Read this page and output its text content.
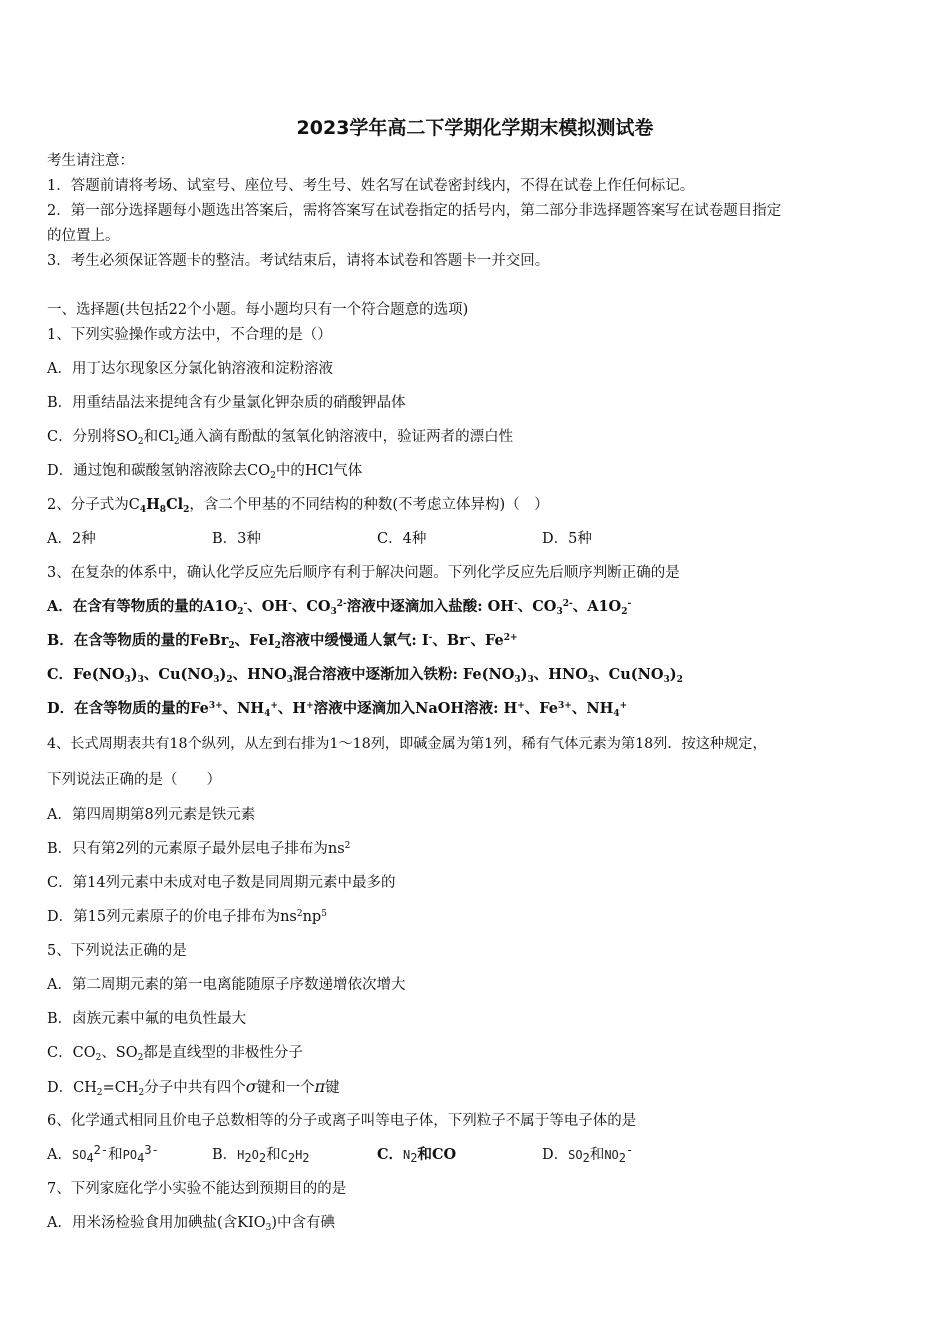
2023学年高二下学期化学期末模拟测试卷
考生请注意：
1．答题前请将考场、试室号、座位号、考生号、姓名写在试卷密封线内，不得在试卷上作任何标记。
2．第一部分选择题每小题选出答案后，需将答案写在试卷指定的括号内，第二部分非选择题答案写在试卷题目指定
的位置上。
3．考生必须保证答题卡的整洁。考试结束后，请将本试卷和答题卡一并交回。
一、选择题(共包括22个小题。每小题均只有一个符合题意的选项)
1、下列实验操作或方法中，不合理的是（）
A．用丁达尔现象区分氯化钠溶液和淀粉溶液
B．用重结晶法来提纯含有少量氯化钾杂质的硝酸钾晶体
C．分别将$SO_2$和$Cl_2$通入滴有酚酞的氢氧化钠溶液中，验证两者的漂白性
D．通过饱和碳酸氢钠溶液除去$CO_2$中的HCl气体
2、分子式为$C_4H_8Cl_2$，含二个甲基的不同结构的种数(不考虑立体异构)（　）
A．2种	B．3种	C．4种	D．5种
3、在复杂的体系中，确认化学反应先后顺序有利于解决问题。下列化学反应先后顺序判断正确的是
A．在含有等物质的量的$A1O_2^-$、OH-、$CO_3^{2-}$溶液中逐滴加入盐酸: OH-、$CO_3^{2-}$、$A1O_2^-$
B．在含等物质的量的FeBr$_2$、FeI$_2$溶液中缓慢通人氯气: I-、Br-、$Fe^{2+}$
C．$Fe(NO_3)_3$、$Cu(NO_3)_2$、$HNO_3$混合溶液中逐渐加入铁粉: $Fe(NO_3)_3$、$HNO_3$、$Cu(NO_3)_2$
D．在含等物质的量的$Fe^{3+}$、$NH_4^+$、H+溶液中逐滴加入NaOH溶液: H+、$Fe^{3+}$、$NH_4^+$
4、长式周期表共有18个纵列，从左到右排为1～18列，即碱金属为第1列，稀有气体元素为第18列．按这种规定，
下列说法正确的是（　　）
A．第四周期第8列元素是铁元素
B．只有第2列的元素原子最外层电子排布为$ns^2$
C．第14列元素中未成对电子数是同周期元素中最多的
D．第15列元素原子的价电子排布为$ns^2np^5$
5、下列说法正确的是
A．第二周期元素的第一电离能随原子序数递增依次增大
B．卤族元素中氟的电负性最大
C．$CO_2$、$SO_2$都是直线型的非极性分子
D．$CH_2=CH_2$分子中共有四个σ键和一个π键
6、化学通式相同且价电子总数相等的分子或离子叫等电子体，下列粒子不属于等电子体的是
A．$SO_4^{2-}$和$PO_4^{3-}$	B．$H_2O_2$和$C_2H_2$	C．$N_2$和CO	D．$SO_2$和$NO_2^-$
7、下列家庭化学小实验不能达到预期目的的是
A．用米汤检验食用加碘盐(含$KIO_3$)中含有碘
